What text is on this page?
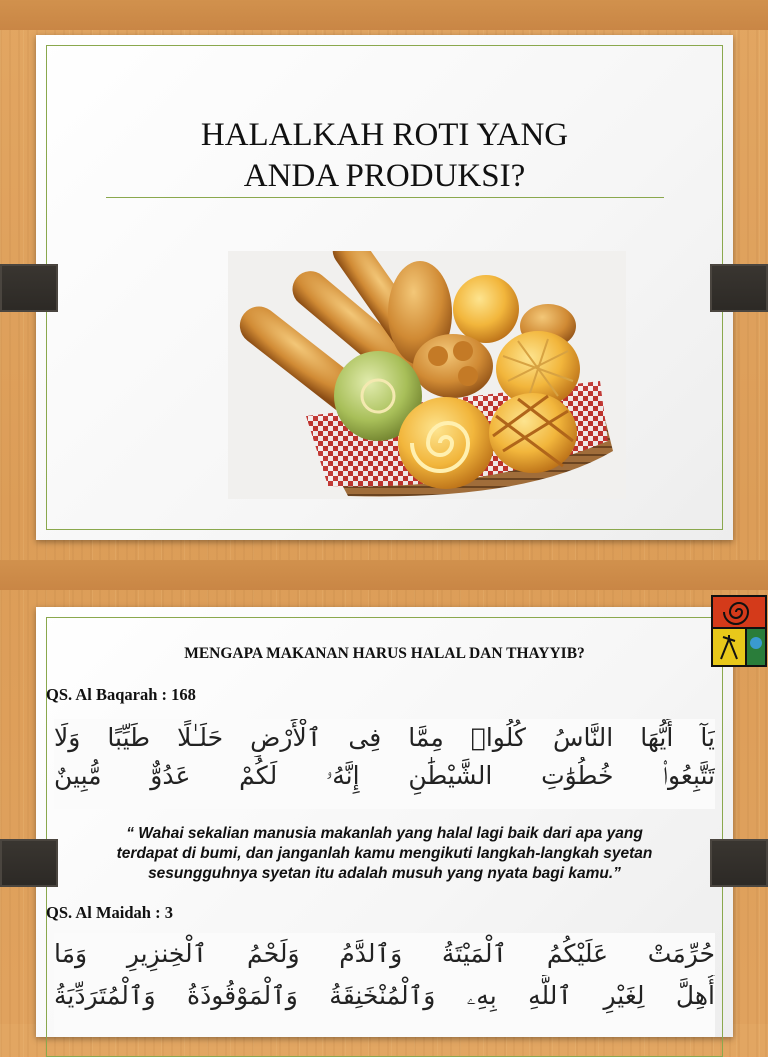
HALALKAH ROTI YANG
ANDA PRODUKSI?
MENGAPA MAKANAN HARUS HALAL DAN THAYYIB?
QS. Al Baqarah : 168
يَآ أَيُّهَا النَّاسُ كُلُوا۟ مِمَّا فِى ٱلْأَرْضِ حَلَـٰلًا طَيِّبًا وَلَا
تَتَّبِعُوا۟ خُطُوَٰتِ الشَّيْطَٰنِ إِنَّهُۥ لَكُمْ عَدُوٌّ مُّبِينٌ
“ Wahai sekalian manusia makanlah yang halal lagi baik dari apa yang
terdapat di bumi, dan janganlah kamu mengikuti langkah-langkah syetan
sesungguhnya syetan itu adalah musuh yang nyata bagi kamu.”
QS. Al Maidah : 3
حُرِّمَتْ عَلَيْكُمُ ٱلْمَيْتَةُ وَٱلدَّمُ وَلَحْمُ ٱلْخِنزِيرِ وَمَا
أُهِلَّ لِغَيْرِ ٱللَّهِ بِهِۦ وَٱلْمُنْخَنِقَةُ وَٱلْمَوْقُوذَةُ وَٱلْمُتَرَدِّيَةُ
